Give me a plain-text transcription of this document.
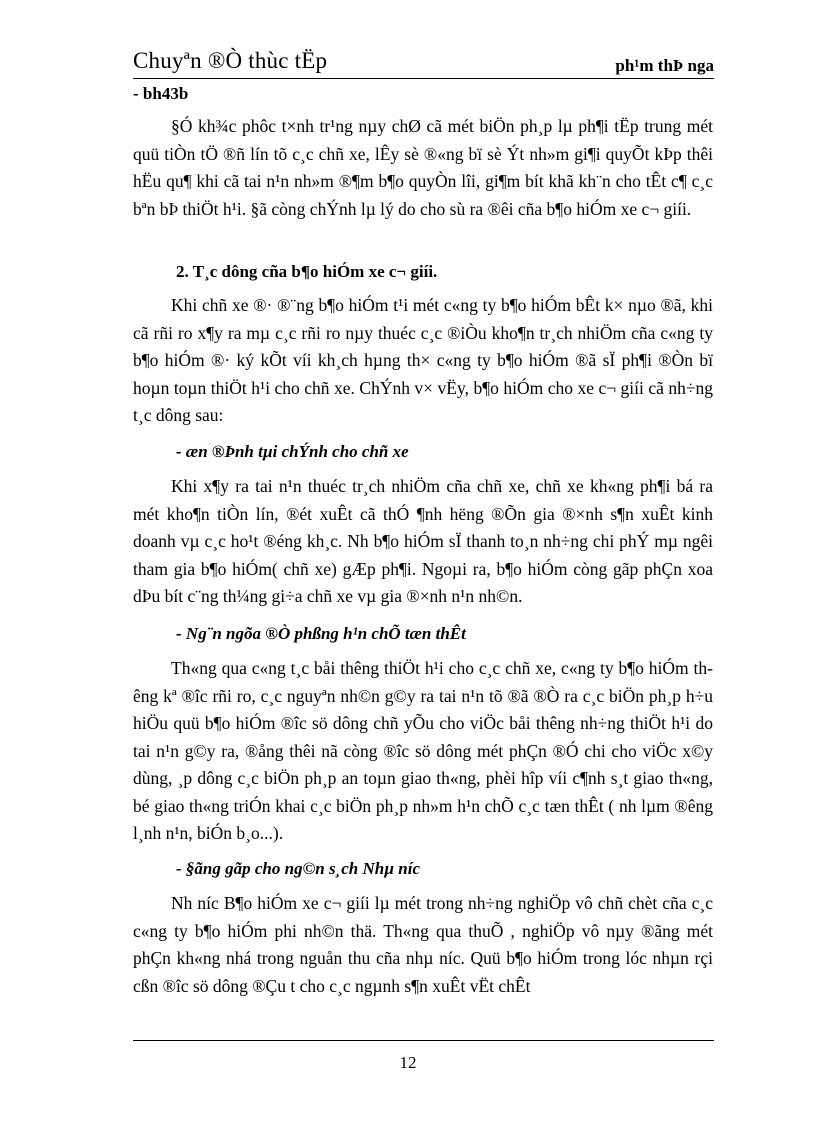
Chuyªn ®Ò thùc tËp	ph¹m thÞ nga
- bh43b

§Ó kh¾c phôc t×nh tr¹ng nµy chØ cã mét biÖn ph¸p lµ ph¶i tËp trung mét quü tiÒn tÖ ®ñ lín tõ c¸c chñ xe, lÊy sè ®«ng bï sè Ýt nh»m gi¶i quyÕt kÞp thêi hËu qu¶ khi cã tai n¹n nh»m ®¶m b¶o quyÒn lîi, gi¶m bít khã kh¨n cho tÊt c¶ c¸c bªn bÞ thiÖt h¹i. §ã còng chÝnh lµ lý do cho sù ra ®êi cña b¶o hiÓm xe c¬ giíi.

2. T¸c dông cña b¶o hiÓm xe c¬ giíi.

Khi chñ xe ®· ®¨ng b¶o hiÓm t¹i mét c«ng ty b¶o hiÓm bÊt k× nµo ®ã, khi cã rñi ro x¶y ra mµ c¸c rñi ro nµy thuéc c¸c ®iÒu kho¶n tr¸ch nhiÖm cña c«ng ty b¶o hiÓm ®· ký kÕt víi kh¸ch hµng th× c«ng ty b¶o hiÓm ®ã sÏ ph¶i ®Òn bï hoµn toµn thiÖt h¹i cho chñ xe. ChÝnh v× vËy, b¶o hiÓm cho xe c¬ giíi cã nh÷ng t¸c dông sau:

- æn ®Þnh tµi chÝnh cho chñ xe

Khi x¶y ra tai n¹n thuéc tr¸ch nhiÖm cña chñ xe, chñ xe kh«ng ph¶i bá ra mét kho¶n tiÒn lín, ®ét xuÊt cã thÓ ¶nh hëng ®Õn gia ®×nh s¶n xuÊt kinh doanh vµ c¸c ho¹t ®éng kh¸c. Nh b¶o hiÓm sÏ thanh to¸n nh÷ng chi phÝ mµ ngêi tham gia b¶o hiÓm( chñ xe) gÆp ph¶i. Ngoµi ra, b¶o hiÓm còng gãp phÇn xoa dÞu bít c¨ng th¼ng gi÷a chñ xe vµ gia ®×nh n¹n nh©n.

- Ng¨n ngõa ®Ò phßng h¹n chÕ tæn thÊt

Th«ng qua c«ng t¸c båi thêng thiÖt h¹i cho c¸c chñ xe, c«ng ty b¶o hiÓm thêng kª ®îc rñi ro, c¸c nguyªn nh©n g©y ra tai n¹n tõ ®ã ®Ò ra c¸c biÖn ph¸p h÷u hiÖu quü b¶o hiÓm ®îc sö dông chñ yÕu cho viÖc båi thêng nh÷ng thiÖt h¹i do tai n¹n g©y ra, ®ång thêi nã còng ®îc sö dông mét phÇn ®Ó chi cho viÖc x©y dùng, ¸p dông c¸c biÖn ph¸p an toµn giao th«ng, phèi hîp víi c¶nh s¸t giao th«ng, bé giao th«ng triÓn khai c¸c biÖn ph¸p nh»m h¹n chÕ c¸c tæn thÊt ( nh lµm ®êng l¸nh n¹n, biÓn b¸o...).

- §ãng gãp cho ng©n s¸ch Nhµ níc

Nh níc B¶o hiÓm xe c¬ giíi lµ mét trong nh÷ng nghiÖp vô chñ chèt cña c¸c c«ng ty b¶o hiÓm phi nh©n thä. Th«ng qua thuÕ , nghiÖp vô nµy ®ãng mét phÇn kh«ng nhá trong nguån thu cña nhµ níc. Quü b¶o hiÓm trong lóc nhµn rçi cßn ®îc sö dông ®Çu t cho c¸c ngµnh s¶n xuÊt vËt chÊt

12
